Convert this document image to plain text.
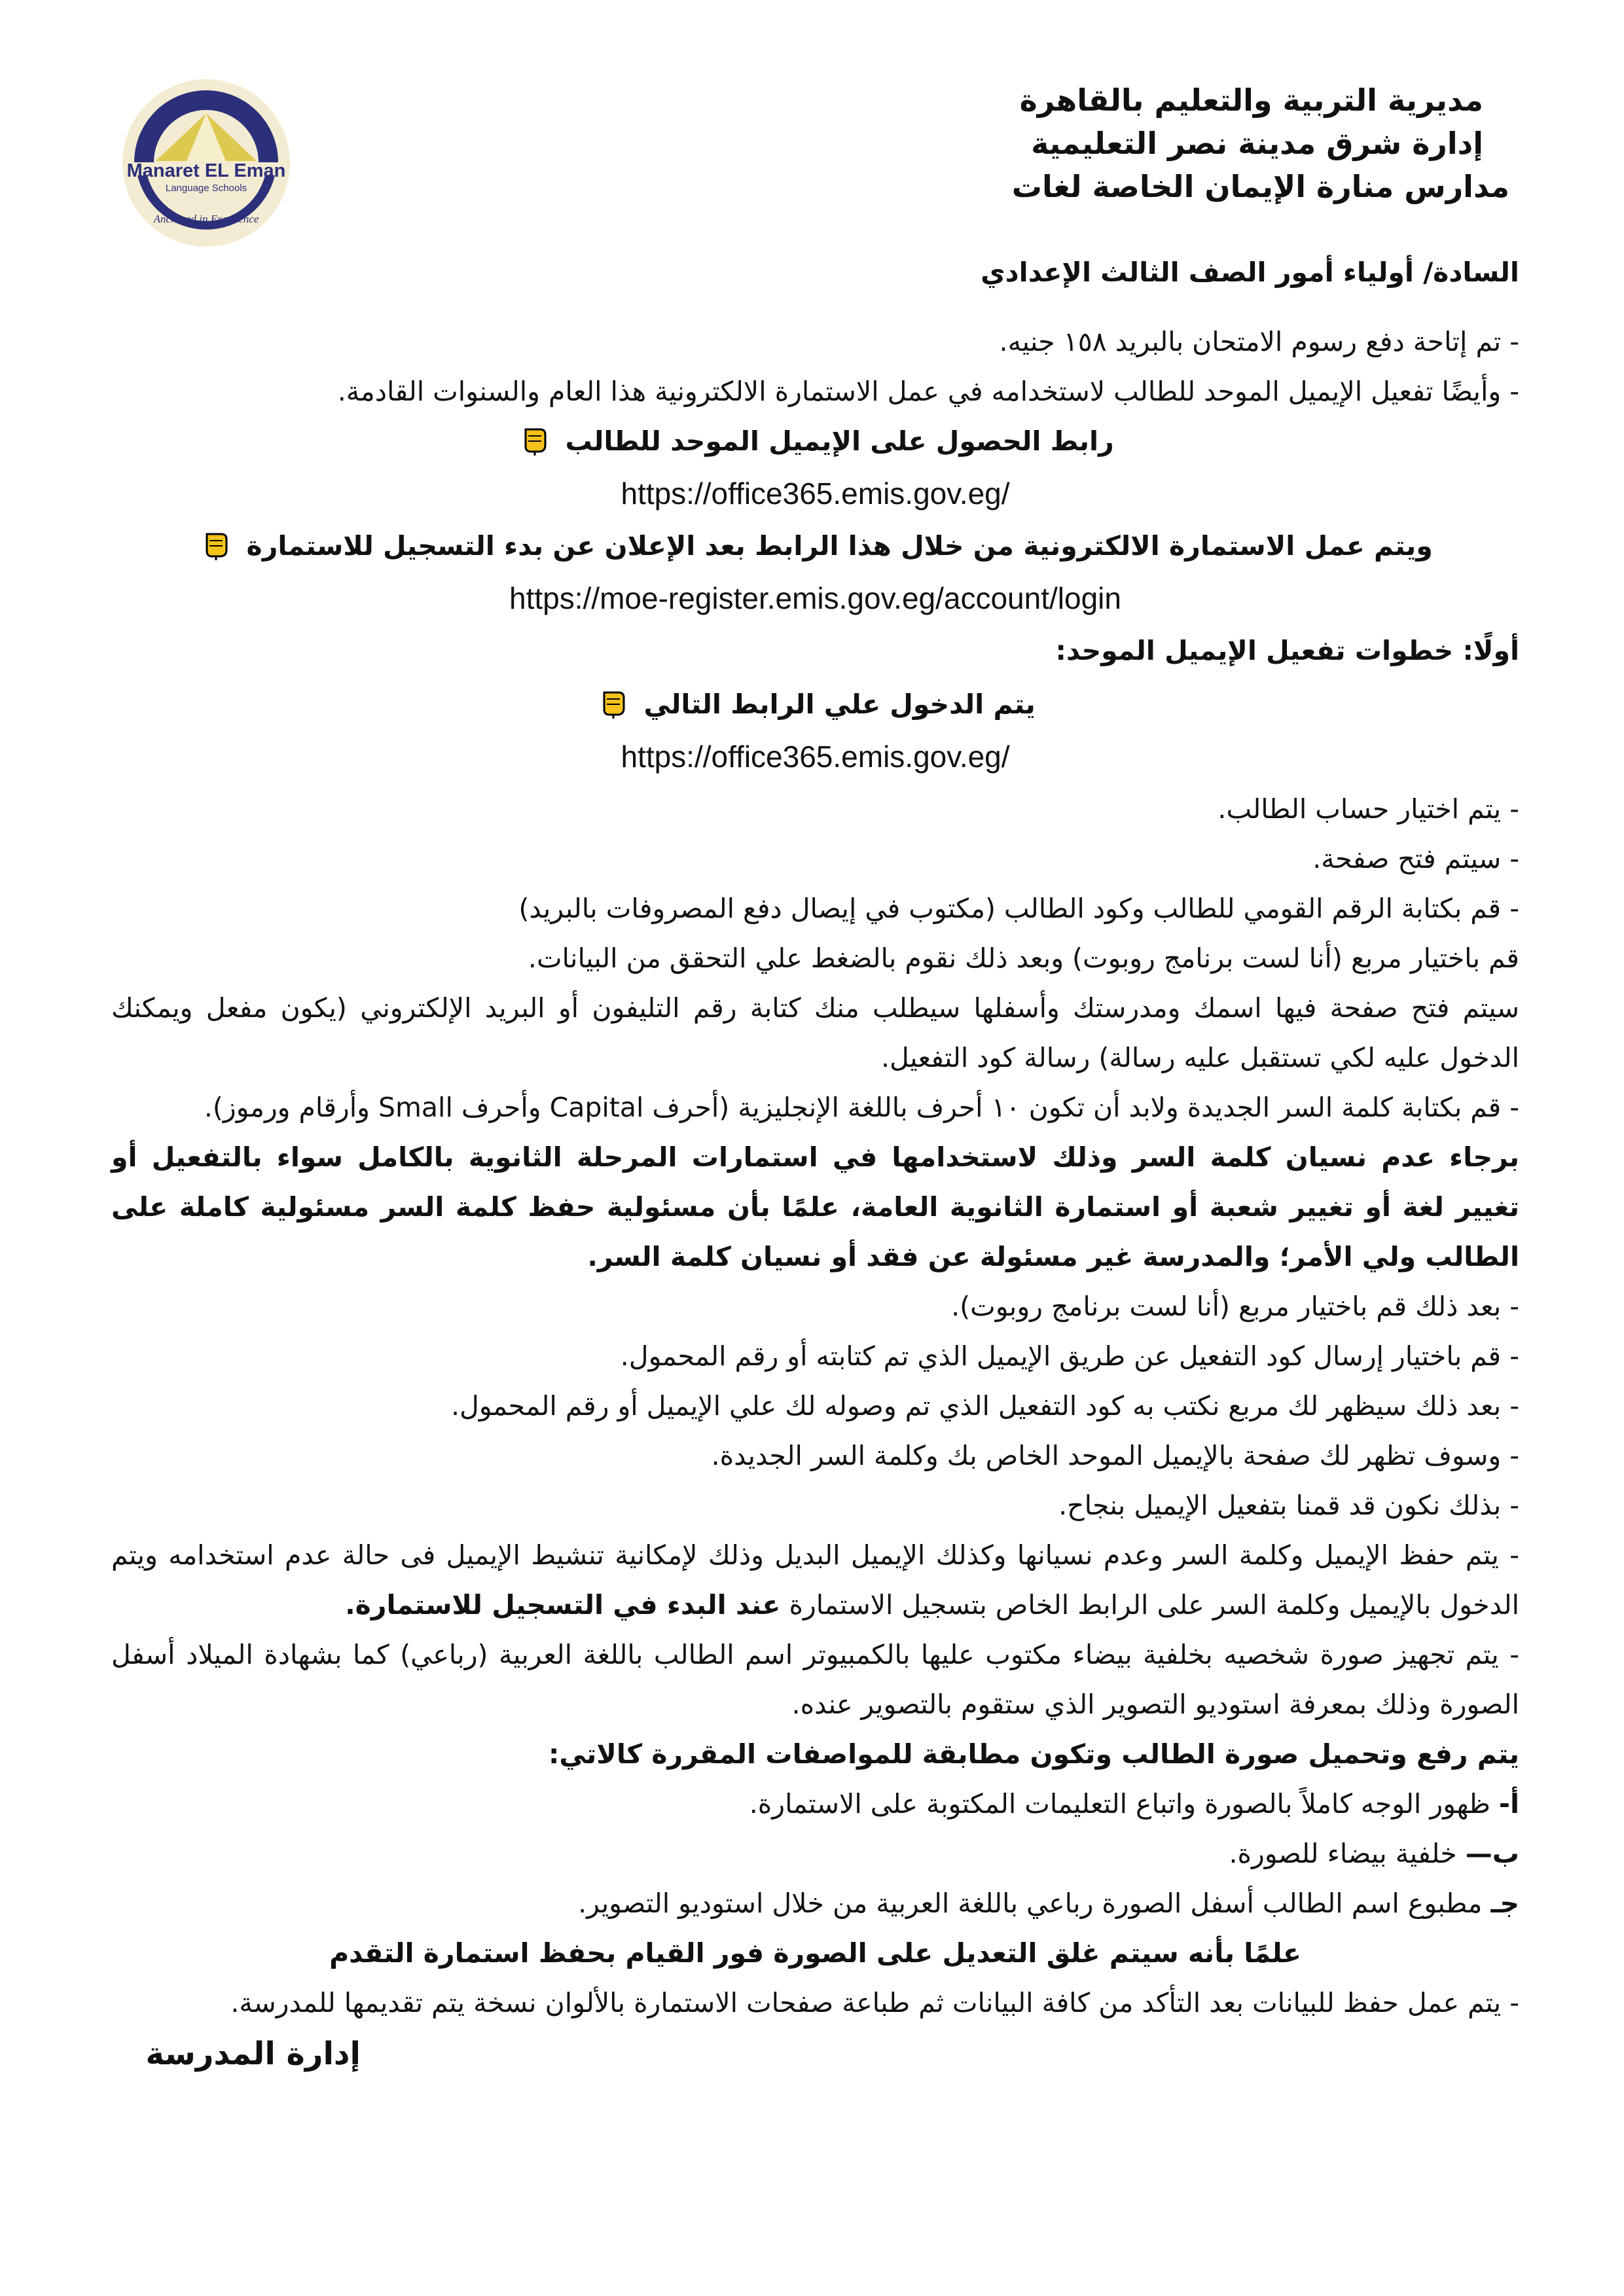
Manaret EL Eman
Language Schools
Anchored in Excellence
مديرية التربية والتعليم بالقاهرة
إدارة شرق مدينة نصر التعليمية
مدارس منارة الإيمان الخاصة لغات

السادة/ أولياء أمور الصف الثالث الإعدادي

- تم إتاحة دفع رسوم الامتحان بالبريد ١٥٨ جنيه.

- وأيضًا تفعيل الإيميل الموحد للطالب لاستخدامه في عمل الاستمارة الالكترونية هذا العام والسنوات القادمة.

رابط الحصول على الإيميل الموحد للطالب

https://office365.emis.gov.eg/

ويتم عمل الاستمارة الالكترونية من خلال هذا الرابط بعد الإعلان عن بدء التسجيل للاستمارة

https://moe-register.emis.gov.eg/account/login

أولًا: خطوات تفعيل الإيميل الموحد:

يتم الدخول علي الرابط التالي

https://office365.emis.gov.eg/

- يتم اختيار حساب الطالب.

- سيتم فتح صفحة.

- قم بكتابة الرقم القومي للطالب وكود الطالب (مكتوب في إيصال دفع المصروفات بالبريد)

قم باختيار مربع (أنا لست برنامج روبوت) وبعد ذلك نقوم بالضغط علي التحقق من البيانات.

سيتم فتح صفحة فيها اسمك ومدرستك وأسفلها سيطلب منك كتابة رقم التليفون أو البريد الإلكتروني (يكون مفعل ويمكنك الدخول عليه لكي تستقبل عليه رسالة) رسالة كود التفعيل.

- قم بكتابة كلمة السر الجديدة ولابد أن تكون ١٠ أحرف باللغة الإنجليزية (أحرف Capital وأحرف Small وأرقام ورموز).

برجاء عدم نسيان كلمة السر وذلك لاستخدامها في استمارات المرحلة الثانوية بالكامل سواء بالتفعيل أو تغيير لغة أو تغيير شعبة أو استمارة الثانوية العامة، علمًا بأن مسئولية حفظ كلمة السر مسئولية كاملة على الطالب ولي الأمر؛ والمدرسة غير مسئولة عن فقد أو نسيان كلمة السر.

- بعد ذلك قم باختيار مربع (أنا لست برنامج روبوت).

- قم باختيار إرسال كود التفعيل عن طريق الإيميل الذي تم كتابته أو رقم المحمول.

- بعد ذلك سيظهر لك مربع نكتب به كود التفعيل الذي تم وصوله لك علي الإيميل أو رقم المحمول.

- وسوف تظهر لك صفحة بالإيميل الموحد الخاص بك وكلمة السر الجديدة.

- بذلك نكون قد قمنا بتفعيل الإيميل بنجاح.

- يتم حفظ الإيميل وكلمة السر وعدم نسيانها وكذلك الإيميل البديل وذلك لإمكانية تنشيط الإيميل فى حالة عدم استخدامه ويتم الدخول بالإيميل وكلمة السر على الرابط الخاص بتسجيل الاستمارة عند البدء في التسجيل للاستمارة.

- يتم تجهيز صورة شخصيه بخلفية بيضاء مكتوب عليها بالكمبيوتر اسم الطالب باللغة العربية (رباعي) كما بشهادة الميلاد أسفل الصورة وذلك بمعرفة استوديو التصوير الذي ستقوم بالتصوير عنده.

يتم رفع وتحميل صورة الطالب وتكون مطابقة للمواصفات المقررة كالاتي:

أ- ظهور الوجه كاملاً بالصورة واتباع التعليمات المكتوبة على الاستمارة.

ب— خلفية بيضاء للصورة.

جـ مطبوع اسم الطالب أسفل الصورة رباعي باللغة العربية من خلال استوديو التصوير.

علمًا بأنه سيتم غلق التعديل على الصورة فور القيام بحفظ استمارة التقدم

- يتم عمل حفظ للبيانات بعد التأكد من كافة البيانات ثم طباعة صفحات الاستمارة بالألوان نسخة يتم تقديمها للمدرسة.

إدارة المدرسة
